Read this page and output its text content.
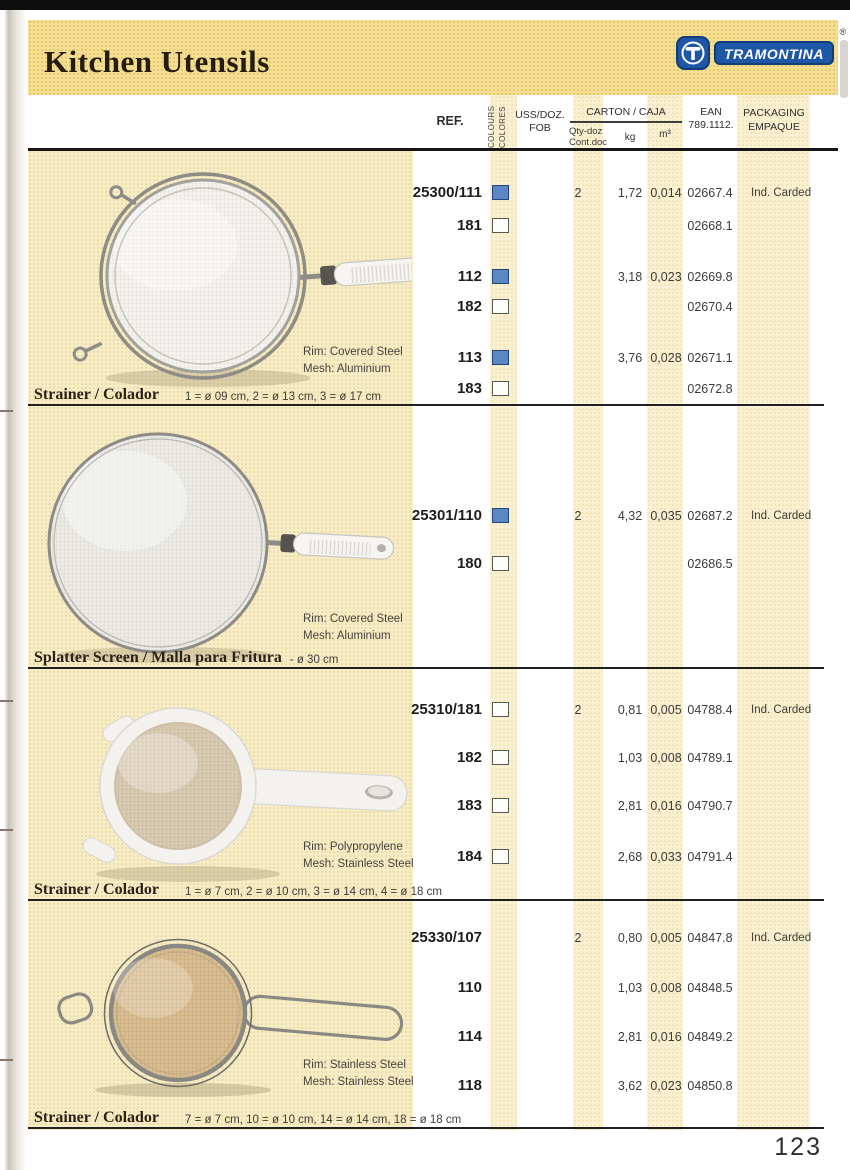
Kitchen Utensils	TRAMONTINA
®
REF.	COLOURS COLORES USS/DOZ.
FOB
CARTON / CAJA
Qty-doz
Cont.doc	kg	m³
EAN
789.1112.
PACKAGING
EMPAQUE
123
25300/111	2	1,72 0,014 02667.4	Ind. Carded
181	02668.1
112	3,18 0,023 02669.8
182	02670.4
113	3,76 0,028 02671.1
183	02672.8
Rim: Covered Steel
Mesh: Aluminium
Strainer / Colador 1 = ø 09 cm, 2 = ø 13 cm, 3 = ø 17 cm
25301/110	2	4,32 0,035 02687.2	Ind. Carded
180	02686.5
Rim: Covered Steel
Mesh: Aluminium
Splatter Screen / Malla para Fritura - ø 30 cm
25310/181	2	0,81 0,005 04788.4	Ind. Carded
182	1,03 0,008 04789.1
183	2,81 0,016 04790.7
184	2,68 0,033 04791.4
Rim: Polypropylene
Mesh: Stainless Steel
Strainer / Colador 1 = ø 7 cm, 2 = ø 10 cm, 3 = ø 14 cm, 4 = ø 18 cm
25330/107	2	0,80 0,005 04847.8	Ind. Carded
110	1,03 0,008 04848.5
114	2,81 0,016 04849.2
118	3,62 0,023 04850.8
Rim: Stainless Steel
Mesh: Stainless Steel
Strainer / Colador 7 = ø 7 cm, 10 = ø 10 cm, 14 = ø 14 cm, 18 = ø 18 cm
